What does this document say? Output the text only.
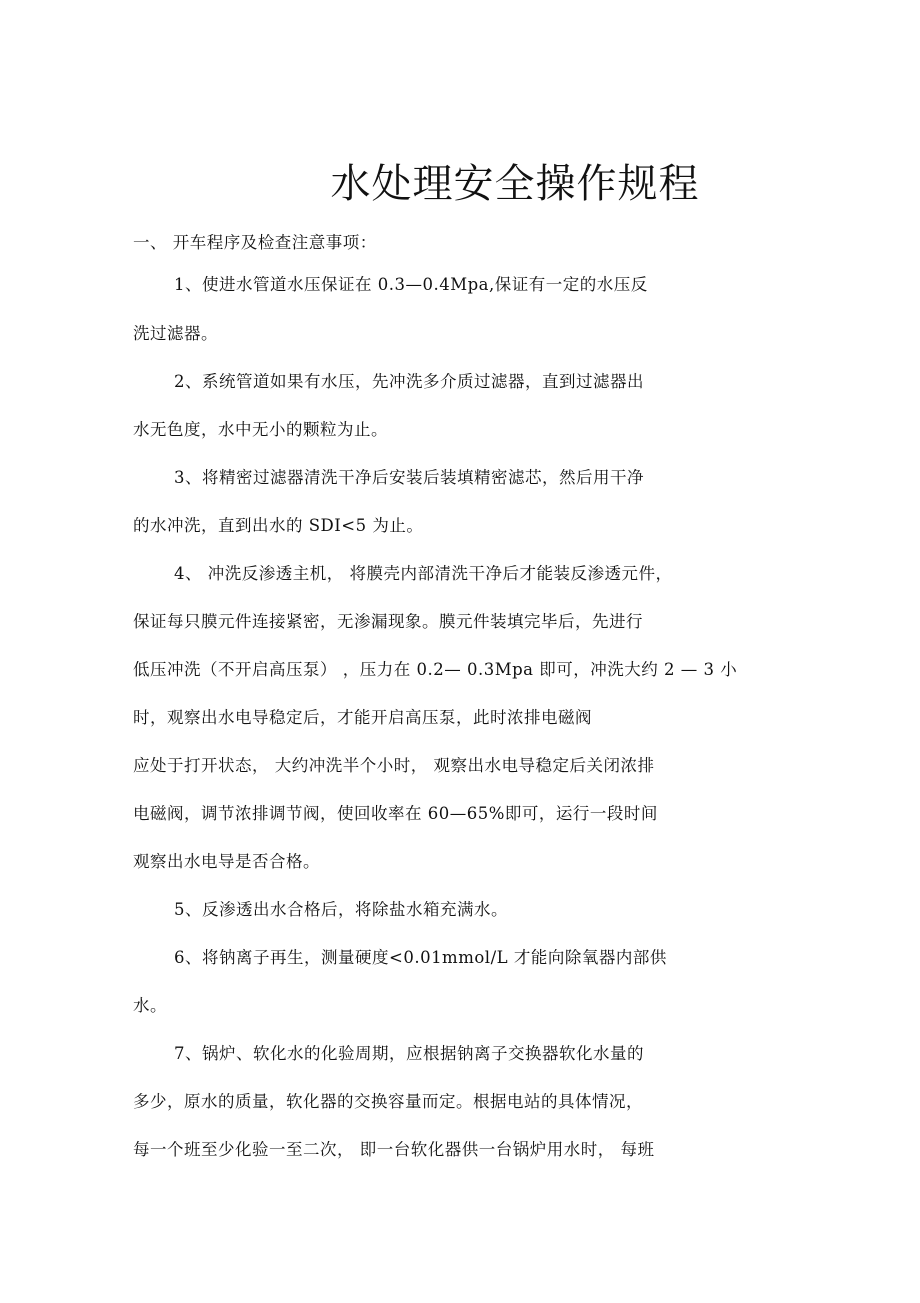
水处理安全操作规程
一、 开车程序及检查注意事项：
1、使进水管道水压保证在 0.3—0.4Mpa,保证有一定的水压反
洗过滤器。
2、系统管道如果有水压，先冲洗多介质过滤器，直到过滤器出
水无色度，水中无小的颗粒为止。
3、将精密过滤器清洗干净后安装后装填精密滤芯，然后用干净
的水冲洗，直到出水的 SDI<5 为止。
4、 冲洗反渗透主机， 将膜壳内部清洗干净后才能装反渗透元件，
保证每只膜元件连接紧密，无渗漏现象。膜元件装填完毕后，先进行
低压冲洗（不开启高压泵） ，压力在 0.2— 0.3Mpa 即可，冲洗大约 2 — 3 小
时，观察出水电导稳定后，才能开启高压泵，此时浓排电磁阀
应处于打开状态， 大约冲洗半个小时， 观察出水电导稳定后关闭浓排
电磁阀，调节浓排调节阀，使回收率在 60—65%即可，运行一段时间
观察出水电导是否合格。
5、反渗透出水合格后，将除盐水箱充满水。
6、将钠离子再生，测量硬度<0.01mmol/L 才能向除氧器内部供
水。
7、锅炉、软化水的化验周期，应根据钠离子交换器软化水量的
多少，原水的质量，软化器的交换容量而定。根据电站的具体情况，
每一个班至少化验一至二次， 即一台软化器供一台锅炉用水时， 每班
